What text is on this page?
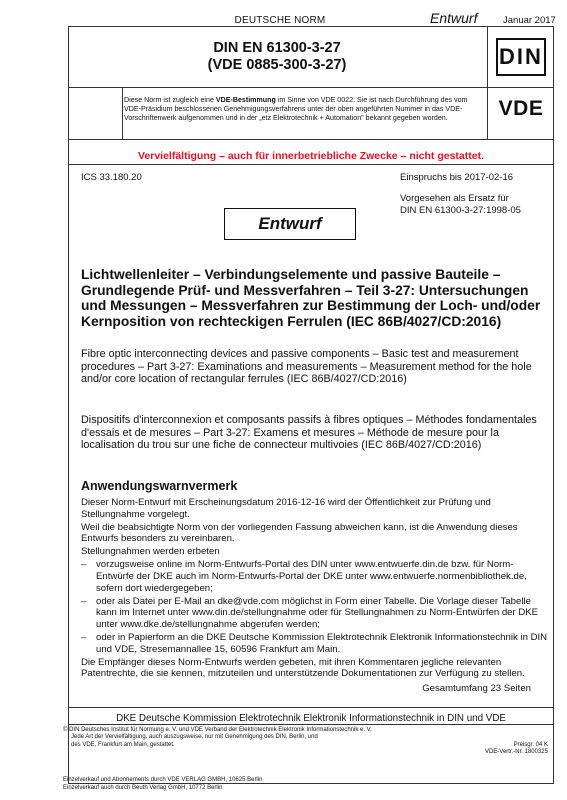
DEUTSCHE NORM	Entwurf	Januar 2017
DIN EN 61300-3-27
(VDE 0885-300-3-27)
Diese Norm ist zugleich eine VDE-Bestimmung im Sinne von VDE 0022. Sie ist nach Durchführung des vom VDE-Präsidium beschlossenen Genehmigungsverfahrens unter der oben angeführten Nummer in das VDE-Vorschriftenwerk aufgenommen und in der „etz Elektrotechnik + Automation" bekannt gegeben worden.
DIN
VDE
Vervielfältigung – auch für innerbetriebliche Zwecke – nicht gestattet.
ICS 33.180.20	Einspruchs bis 2017-02-16
Vorgesehen als Ersatz für
DIN EN 61300-3-27:1998-05
Entwurf
Lichtwellenleiter – Verbindungselemente und passive Bauteile – Grundlegende Prüf- und Messverfahren – Teil 3-27: Untersuchungen und Messungen – Messverfahren zur Bestimmung der Loch- und/oder Kernposition von rechteckigen Ferrulen (IEC 86B/4027/CD:2016)
Fibre optic interconnecting devices and passive components – Basic test and measurement procedures – Part 3-27: Examinations and measurements – Measurement method for the hole and/or core location of rectangular ferrules (IEC 86B/4027/CD:2016)
Dispositifs d'interconnexion et composants passifs à fibres optiques – Méthodes fondamentales d'essais et de mesures – Part 3-27: Examens et mesures – Méthode de mesure pour la localisation du trou sur une fiche de connecteur multivoies (IEC 86B/4027/CD:2016)
Anwendungswarnvermerk

Dieser Norm-Entwurf mit Erscheinungsdatum 2016-12-16 wird der Öffentlichkeit zur Prüfung und Stellungnahme vorgelegt.

Weil die beabsichtigte Norm von der vorliegenden Fassung abweichen kann, ist die Anwendung dieses Entwurfs besonders zu vereinbaren.

Stellungnahmen werden erbeten

–	vorzugsweise online im Norm-Entwurfs-Portal des DIN unter www.entwuerfe.din.de bzw. für Norm-Entwürfe der DKE auch im Norm-Entwurfs-Portal der DKE unter www.entwuerfe.normenbibliothek.de, sofern dort wiedergegeben;
–	oder als Datei per E-Mail an dke@vde.com möglichst in Form einer Tabelle. Die Vorlage dieser Tabelle kann im Internet unter www.din.de/stellungnahme oder für Stellungnahmen zu Norm-Entwürfen der DKE unter www.dke.de/stellungnahme abgerufen werden;
–	oder in Papierform an die DKE Deutsche Kommission Elektrotechnik Elektronik Informationstechnik in DIN und VDE, Stresemannallee 15, 60596 Frankfurt am Main.

Die Empfänger dieses Norm-Entwurfs werden gebeten, mit ihren Kommentaren jegliche relevanten Patentrechte, die sie kennen, mitzuteilen und unterstützende Dokumentationen zur Verfügung zu stellen.

Gesamtumfang 23 Seiten
DKE Deutsche Kommission Elektrotechnik Elektronik Informationstechnik in DIN und VDE
© DIN Deutsches Institut für Normung e. V. und VDE Verband der Elektrotechnik Elektronik Informationstechnik e. V.
Jede Art der Vervielfältigung, auch auszugsweise, nur mit Genehmigung des DIN, Berlin, und
des VDE, Frankfurt am Main, gestattet.	Preisgr. 04 K
VDE-Vertr.-Nr. 1800325
Einzelverkauf und Abonnements durch VDE VERLAG GMBH, 10625 Berlin
Einzelverkauf auch durch Beuth Verlag GmbH, 10772 Berlin
